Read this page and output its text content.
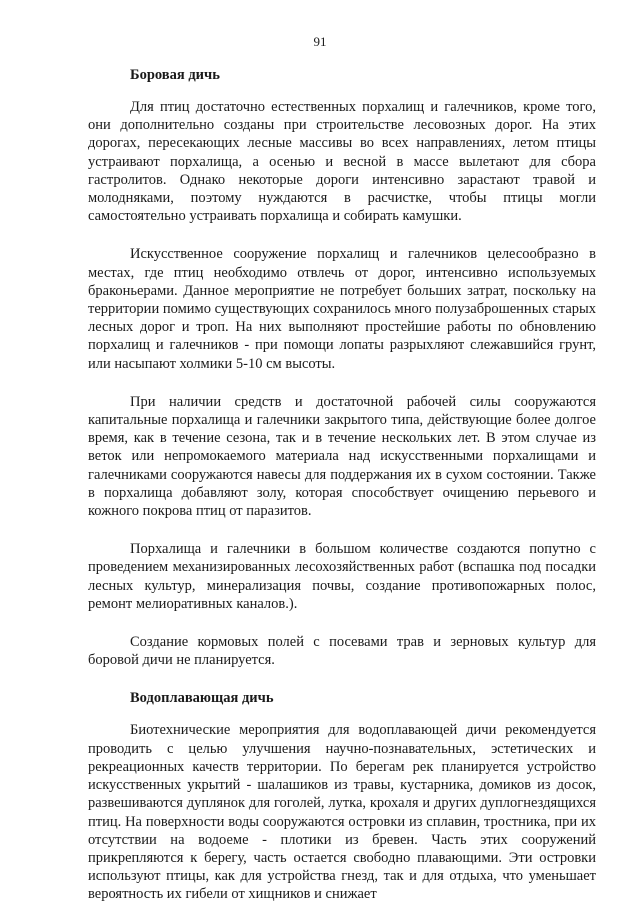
91
Боровая дичь

Для птиц достаточно естественных порхалищ и галечников, кроме того, они дополнительно созданы при строительстве лесовозных дорог. На этих дорогах, пересекающих лесные массивы во всех направлениях, летом птицы устраивают порхалища, а осенью и весной в массе вылетают для сбора гастролитов. Однако некоторые дороги интенсивно зарастают травой и молодняками, поэтому нуждаются в расчистке, чтобы птицы могли самостоятельно устраивать порхалища и собирать камушки.

Искусственное сооружение порхалищ и галечников целесообразно в местах, где птиц необходимо отвлечь от дорог, интенсивно используемых браконьерами. Данное мероприятие не потребует больших затрат, поскольку на территории помимо существующих сохранилось много полузаброшенных старых лесных дорог и троп. На них выполняют простейшие работы по обновлению порхалищ и галечников - при помощи лопаты разрыхляют слежавшийся грунт, или насыпают холмики 5-10 см высоты.

При наличии средств и достаточной рабочей силы сооружаются капитальные порхалища и галечники закрытого типа, действующие более долгое время, как в течение сезона, так и в течение нескольких лет. В этом случае из веток или непромокаемого материала над искусственными порхалищами и галечниками сооружаются навесы для поддержания их в сухом состоянии. Также в порхалища добавляют золу, которая способствует очищению перьевого и кожного покрова птиц от паразитов.

Порхалища и галечники в большом количестве создаются попутно с проведением механизированных лесохозяйственных работ (вспашка под посадки лесных культур, минерализация почвы, создание противопожарных полос, ремонт мелиоративных каналов.).

Создание кормовых полей с посевами трав и зерновых культур для боровой дичи не планируется.

Водоплавающая дичь

Биотехнические мероприятия для водоплавающей дичи рекомендуется проводить с целью улучшения научно-познавательных, эстетических и рекреационных качеств территории. По берегам рек планируется устройство искусственных укрытий - шалашиков из травы, кустарника, домиков из досок, развешиваются дуплянок для гоголей, лутка, крохаля и других дуплогнездящихся птиц. На поверхности воды сооружаются островки из сплавин, тростника, при их отсутствии на водоеме - плотики из бревен. Часть этих сооружений прикрепляются к берегу, часть остается свободно плавающими. Эти островки используют птицы, как для устройства гнезд, так и для отдыха, что уменьшает вероятность их гибели от хищников и снижает
